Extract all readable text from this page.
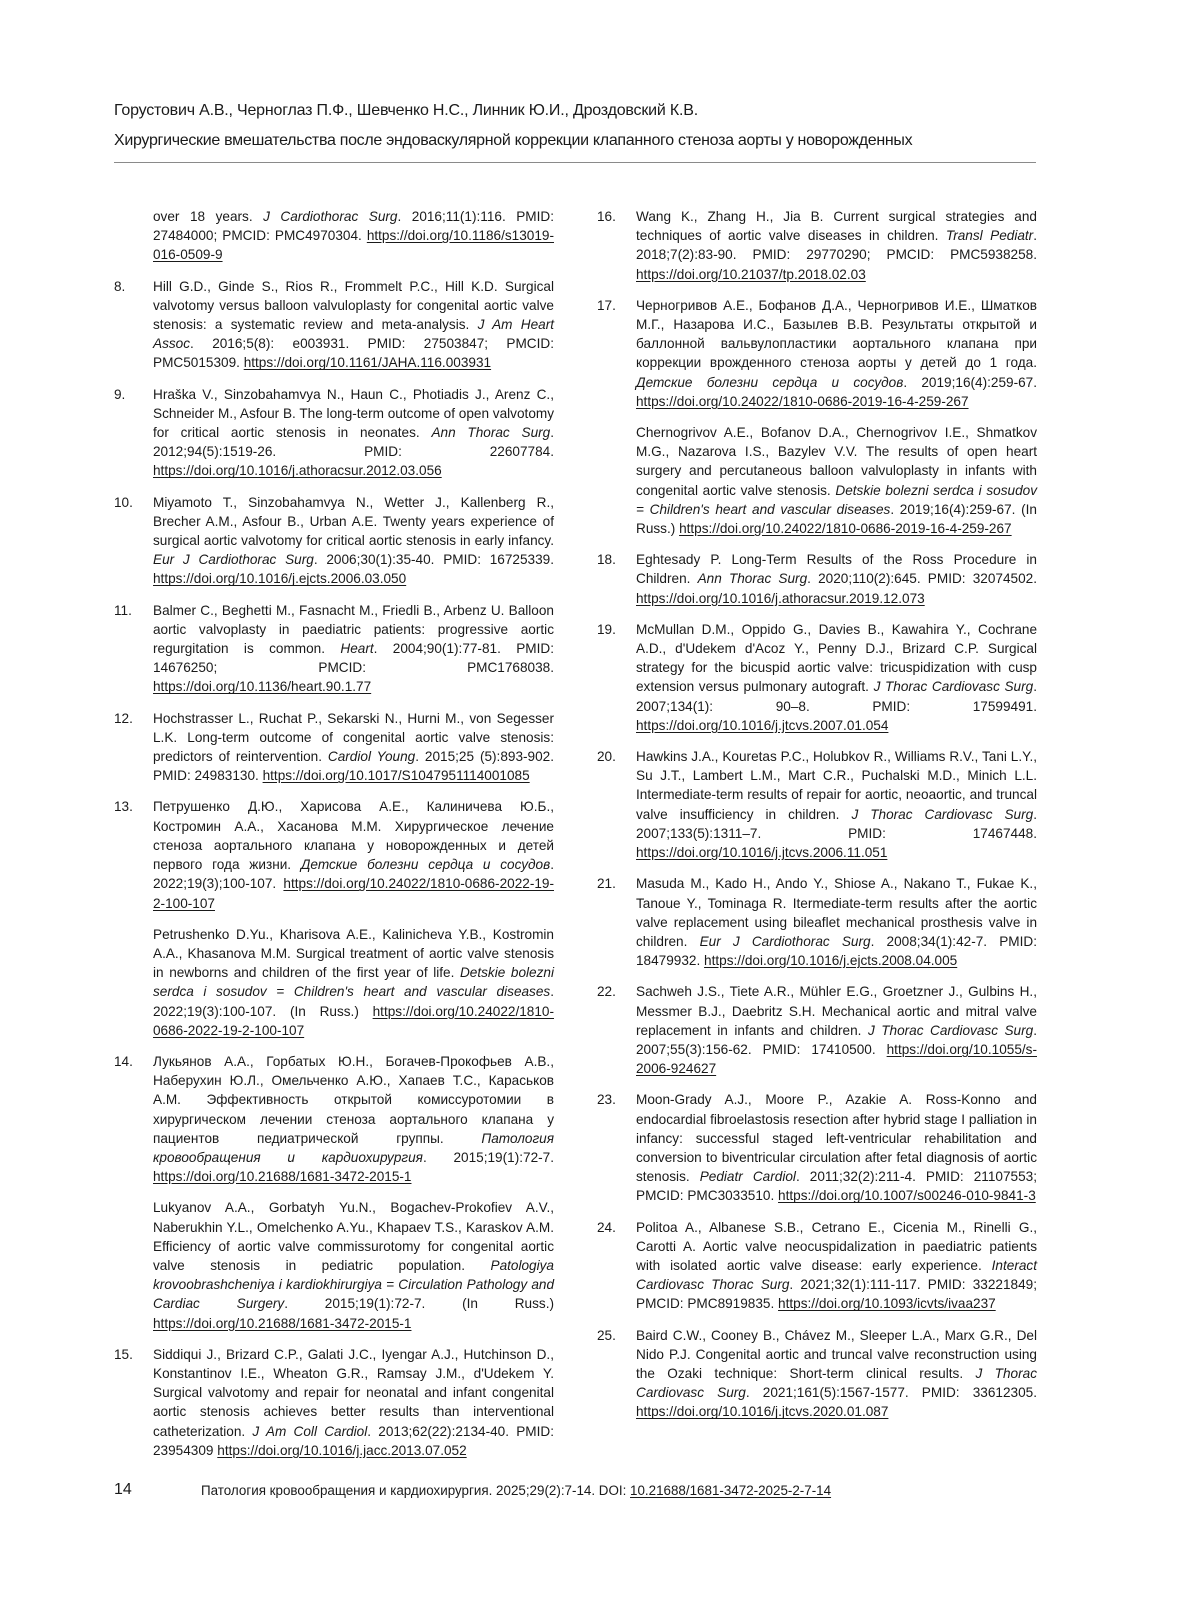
Горустович А.В., Черноглаз П.Ф., Шевченко Н.С., Линник Ю.И., Дроздовский К.В.
Хирургические вмешательства после эндоваскулярной коррекции клапанного стеноза аорты у новорожденных

over 18 years. J Cardiothorac Surg. 2016;11(1):116. PMID: 27484000; PMCID: PMC4970304. https://doi.org/10.1186/s13019-016-0509-9

8. Hill G.D., Ginde S., Rios R., Frommelt P.C., Hill K.D. Surgical valvotomy versus balloon valvuloplasty for congenital aortic valve stenosis: a systematic review and meta-analysis. J Am Heart Assoc. 2016;5(8): e003931. PMID: 27503847; PMCID: PMC5015309. https://doi.org/10.1161/JAHA.116.003931

9. Hraška V., Sinzobahamvya N., Haun C., Photiadis J., Arenz C., Schneider M., Asfour B. The long-term outcome of open valvotomy for critical aortic stenosis in neonates. Ann Thorac Surg. 2012;94(5):1519-26. PMID: 22607784. https://doi.org/10.1016/j.athoracsur.2012.03.056

10. Miyamoto T., Sinzobahamvya N., Wetter J., Kallenberg R., Brecher A.M., Asfour B., Urban A.E. Twenty years experience of surgical aortic valvotomy for critical aortic stenosis in early infancy. Eur J Cardiothorac Surg. 2006;30(1):35-40. PMID: 16725339. https://doi.org/10.1016/j.ejcts.2006.03.050

11. Balmer C., Beghetti M., Fasnacht M., Friedli B., Arbenz U. Balloon aortic valvoplasty in paediatric patients: progressive aortic regurgitation is common. Heart. 2004;90(1):77-81. PMID: 14676250; PMCID: PMC1768038. https://doi.org/10.1136/heart.90.1.77

12. Hochstrasser L., Ruchat P., Sekarski N., Hurni M., von Segesser L.K. Long-term outcome of congenital aortic valve stenosis: predictors of reintervention. Cardiol Young. 2015;25 (5):893-902. PMID: 24983130. https://doi.org/10.1017/S1047951114001085

13. Петрушенко Д.Ю., Харисова А.Е., Калиничева Ю.Б., Костромин А.А., Хасанова М.М. Хирургическое лечение стеноза аортального клапана у новорожденных и детей первого года жизни. Детские болезни сердца и сосудов. 2022;19(3);100-107. https://doi.org/10.24022/1810-0686-2022-19-2-100-107

Petrushenko D.Yu., Kharisova A.E., Kalinicheva Y.B., Kostromin A.A., Khasanova M.M. Surgical treatment of aortic valve stenosis in newborns and children of the first year of life. Detskie bolezni serdca i sosudov = Children's heart and vascular diseases. 2022;19(3):100-107. (In Russ.) https://doi.org/10.24022/1810-0686-2022-19-2-100-107

14. Лукьянов А.А., Горбатых Ю.Н., Богачев-Прокофьев А.В., Наберухин Ю.Л., Омельченко А.Ю., Хапаев Т.С., Караськов А.М. Эффективность открытой комиссуротомии в хирургическом лечении стеноза аортального клапана у пациентов педиатрической группы. Патология кровообращения и кардиохирургия. 2015;19(1):72-7. https://doi.org/10.21688/1681-3472-2015-1

Lukyanov A.A., Gorbatyh Yu.N., Bogachev-Prokofiev A.V., Naberukhin Y.L., Omelchenko A.Yu., Khapaev T.S., Karaskov A.M. Efficiency of aortic valve commissurotomy for congenital aortic valve stenosis in pediatric population. Patologiya krovoobrashcheniya i kardiokhirurgiya = Circulation Pathology and Cardiac Surgery. 2015;19(1):72-7. (In Russ.) https://doi.org/10.21688/1681-3472-2015-1

15. Siddiqui J., Brizard C.P., Galati J.C., Iyengar A.J., Hutchinson D., Konstantinov I.E., Wheaton G.R., Ramsay J.M., d'Udekem Y. Surgical valvotomy and repair for neonatal and infant congenital aortic stenosis achieves better results than interventional catheterization. J Am Coll Cardiol. 2013;62(22):2134-40. PMID: 23954309 https://doi.org/10.1016/j.jacc.2013.07.052

16. Wang K., Zhang H., Jia B. Current surgical strategies and techniques of aortic valve diseases in children. Transl Pediatr. 2018;7(2):83-90. PMID: 29770290; PMCID: PMC5938258. https://doi.org/10.21037/tp.2018.02.03

17. Черногривов А.Е., Бофанов Д.А., Черногривов И.Е., Шматков М.Г., Назарова И.С., Базылев В.В. Результаты открытой и баллонной вальвулопластики аортального клапана при коррекции врожденного стеноза аорты у детей до 1 года. Детские болезни сердца и сосудов. 2019;16(4):259-67. https://doi.org/10.24022/1810-0686-2019-16-4-259-267

Chernogrivov A.E., Bofanov D.A., Chernogrivov I.E., Shmatkov M.G., Nazarova I.S., Bazylev V.V. The results of open heart surgery and percutaneous balloon valvuloplasty in infants with congenital aortic valve stenosis. Detskie bolezni serdca i sosudov = Children's heart and vascular diseases. 2019;16(4):259-67. (In Russ.) https://doi.org/10.24022/1810-0686-2019-16-4-259-267

18. Eghtesady P. Long-Term Results of the Ross Procedure in Children. Ann Thorac Surg. 2020;110(2):645. PMID: 32074502. https://doi.org/10.1016/j.athoracsur.2019.12.073

19. McMullan D.M., Oppido G., Davies B., Kawahira Y., Cochrane A.D., d'Udekem d'Acoz Y., Penny D.J., Brizard C.P. Surgical strategy for the bicuspid aortic valve: tricuspidization with cusp extension versus pulmonary autograft. J Thorac Cardiovasc Surg. 2007;134(1): 90–8. PMID: 17599491. https://doi.org/10.1016/j.jtcvs.2007.01.054

20. Hawkins J.A., Kouretas P.C., Holubkov R., Williams R.V., Tani L.Y., Su J.T., Lambert L.M., Mart C.R., Puchalski M.D., Minich L.L. Intermediate-term results of repair for aortic, neoaortic, and truncal valve insufficiency in children. J Thorac Cardiovasc Surg. 2007;133(5):1311–7. PMID: 17467448. https://doi.org/10.1016/j.jtcvs.2006.11.051

21. Masuda M., Kado H., Ando Y., Shiose A., Nakano T., Fukae K., Tanoue Y., Tominaga R. Itermediate-term results after the aortic valve replacement using bileaflet mechanical prosthesis valve in children. Eur J Cardiothorac Surg. 2008;34(1):42-7. PMID: 18479932. https://doi.org/10.1016/j.ejcts.2008.04.005

22. Sachweh J.S., Tiete A.R., Mühler E.G., Groetzner J., Gulbins H., Messmer B.J., Daebritz S.H. Mechanical aortic and mitral valve replacement in infants and children. J Thorac Cardiovasc Surg. 2007;55(3):156-62. PMID: 17410500. https://doi.org/10.1055/s-2006-924627

23. Moon-Grady A.J., Moore P., Azakie A. Ross-Konno and endocardial fibroelastosis resection after hybrid stage I palliation in infancy: successful staged left-ventricular rehabilitation and conversion to biventricular circulation after fetal diagnosis of aortic stenosis. Pediatr Cardiol. 2011;32(2):211-4. PMID: 21107553; PMCID: PMC3033510. https://doi.org/10.1007/s00246-010-9841-3

24. Politoa A., Albanese S.B., Cetrano E., Cicenia M., Rinelli G., Carotti A. Aortic valve neocuspidalization in paediatric patients with isolated aortic valve disease: early experience. Interact Cardiovasc Thorac Surg. 2021;32(1):111-117. PMID: 33221849; PMCID: PMC8919835. https://doi.org/10.1093/icvts/ivaa237

25. Baird C.W., Cooney B., Chávez M., Sleeper L.A., Marx G.R., Del Nido P.J. Congenital aortic and truncal valve reconstruction using the Ozaki technique: Short-term clinical results. J Thorac Cardiovasc Surg. 2021;161(5):1567-1577. PMID: 33612305. https://doi.org/10.1016/j.jtcvs.2020.01.087

14	Патология кровообращения и кардиохирургия. 2025;29(2):7-14. DOI: 10.21688/1681-3472-2025-2-7-14
